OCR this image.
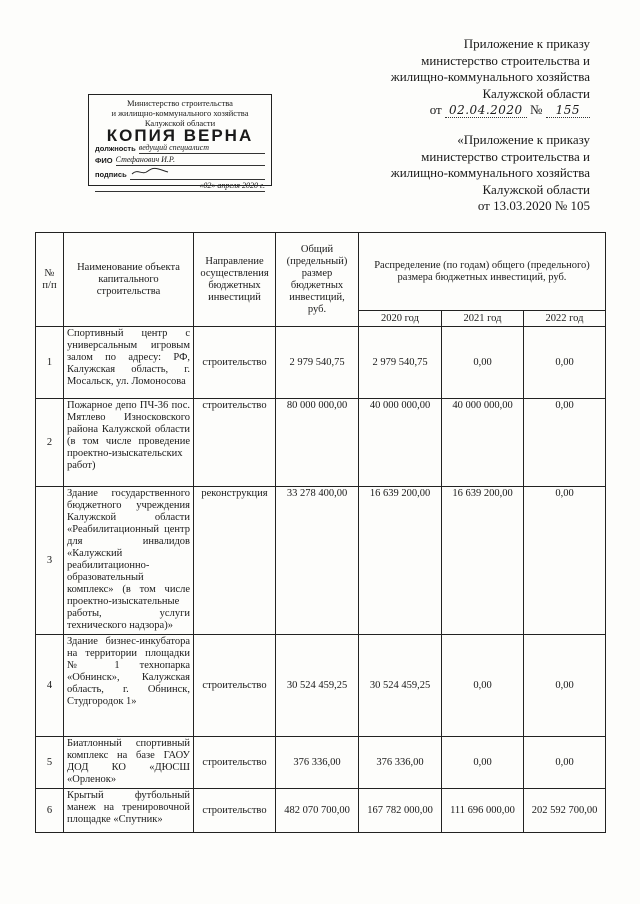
Приложение к приказу
министерство строительства и
жилищно-коммунального хозяйства
Калужской области
от 02.04.2020 № 155
Министерство строительства
и жилищно-коммунального хозяйства
Калужской области
КОПИЯ ВЕРНА
должность ведущий специалист
ФИО Стефанович И.Р.
подпись
«02» апреля 2020 г.
«Приложение к приказу
министерство строительства и
жилищно-коммунального хозяйства
Калужской области
от 13.03.2020 № 105
№ п/п	Наименование объекта капитального строительства	Направление осуществления бюджетных инвестиций	Общий (предельный) размер бюджетных инвестиций, руб.	Распределение (по годам) общего (предельного) размера бюджетных инвестиций, руб.		
				2020 год	2021 год	2022 год
1	Спортивный центр с универсальным игровым залом по адресу: РФ, Калужская область, г. Мосальск, ул. Ломоносова	строительство	2 979 540,75	2 979 540,75	0,00	0,00
2	Пожарное депо ПЧ-36 пос. Мятлево Износковского района Калужской области (в том числе проведение проектно-изыскательских работ)	строительство	80 000 000,00	40 000 000,00	40 000 000,00	0,00
3	Здание государственного бюджетного учреждения Калужской области «Реабилитационный центр для инвалидов «Калужский реабилитационно-образовательный комплекс» (в том числе проектно-изыскательные работы, услуги технического надзора)»	реконструкция	33 278 400,00	16 639 200,00	16 639 200,00	0,00
4	Здание бизнес-инкубатора на территории площадки № 1 технопарка «Обнинск», Калужская область, г. Обнинск, Студгородок 1»	строительство	30 524 459,25	30 524 459,25	0,00	0,00
5	Биатлонный спортивный комплекс на базе ГАОУ ДОД КО «ДЮСШ «Орленок»	строительство	376 336,00	376 336,00	0,00	0,00
6	Крытый футбольный манеж на тренировочной площадке «Спутник»	строительство	482 070 700,00	167 782 000,00	111 696 000,00	202 592 700,00
